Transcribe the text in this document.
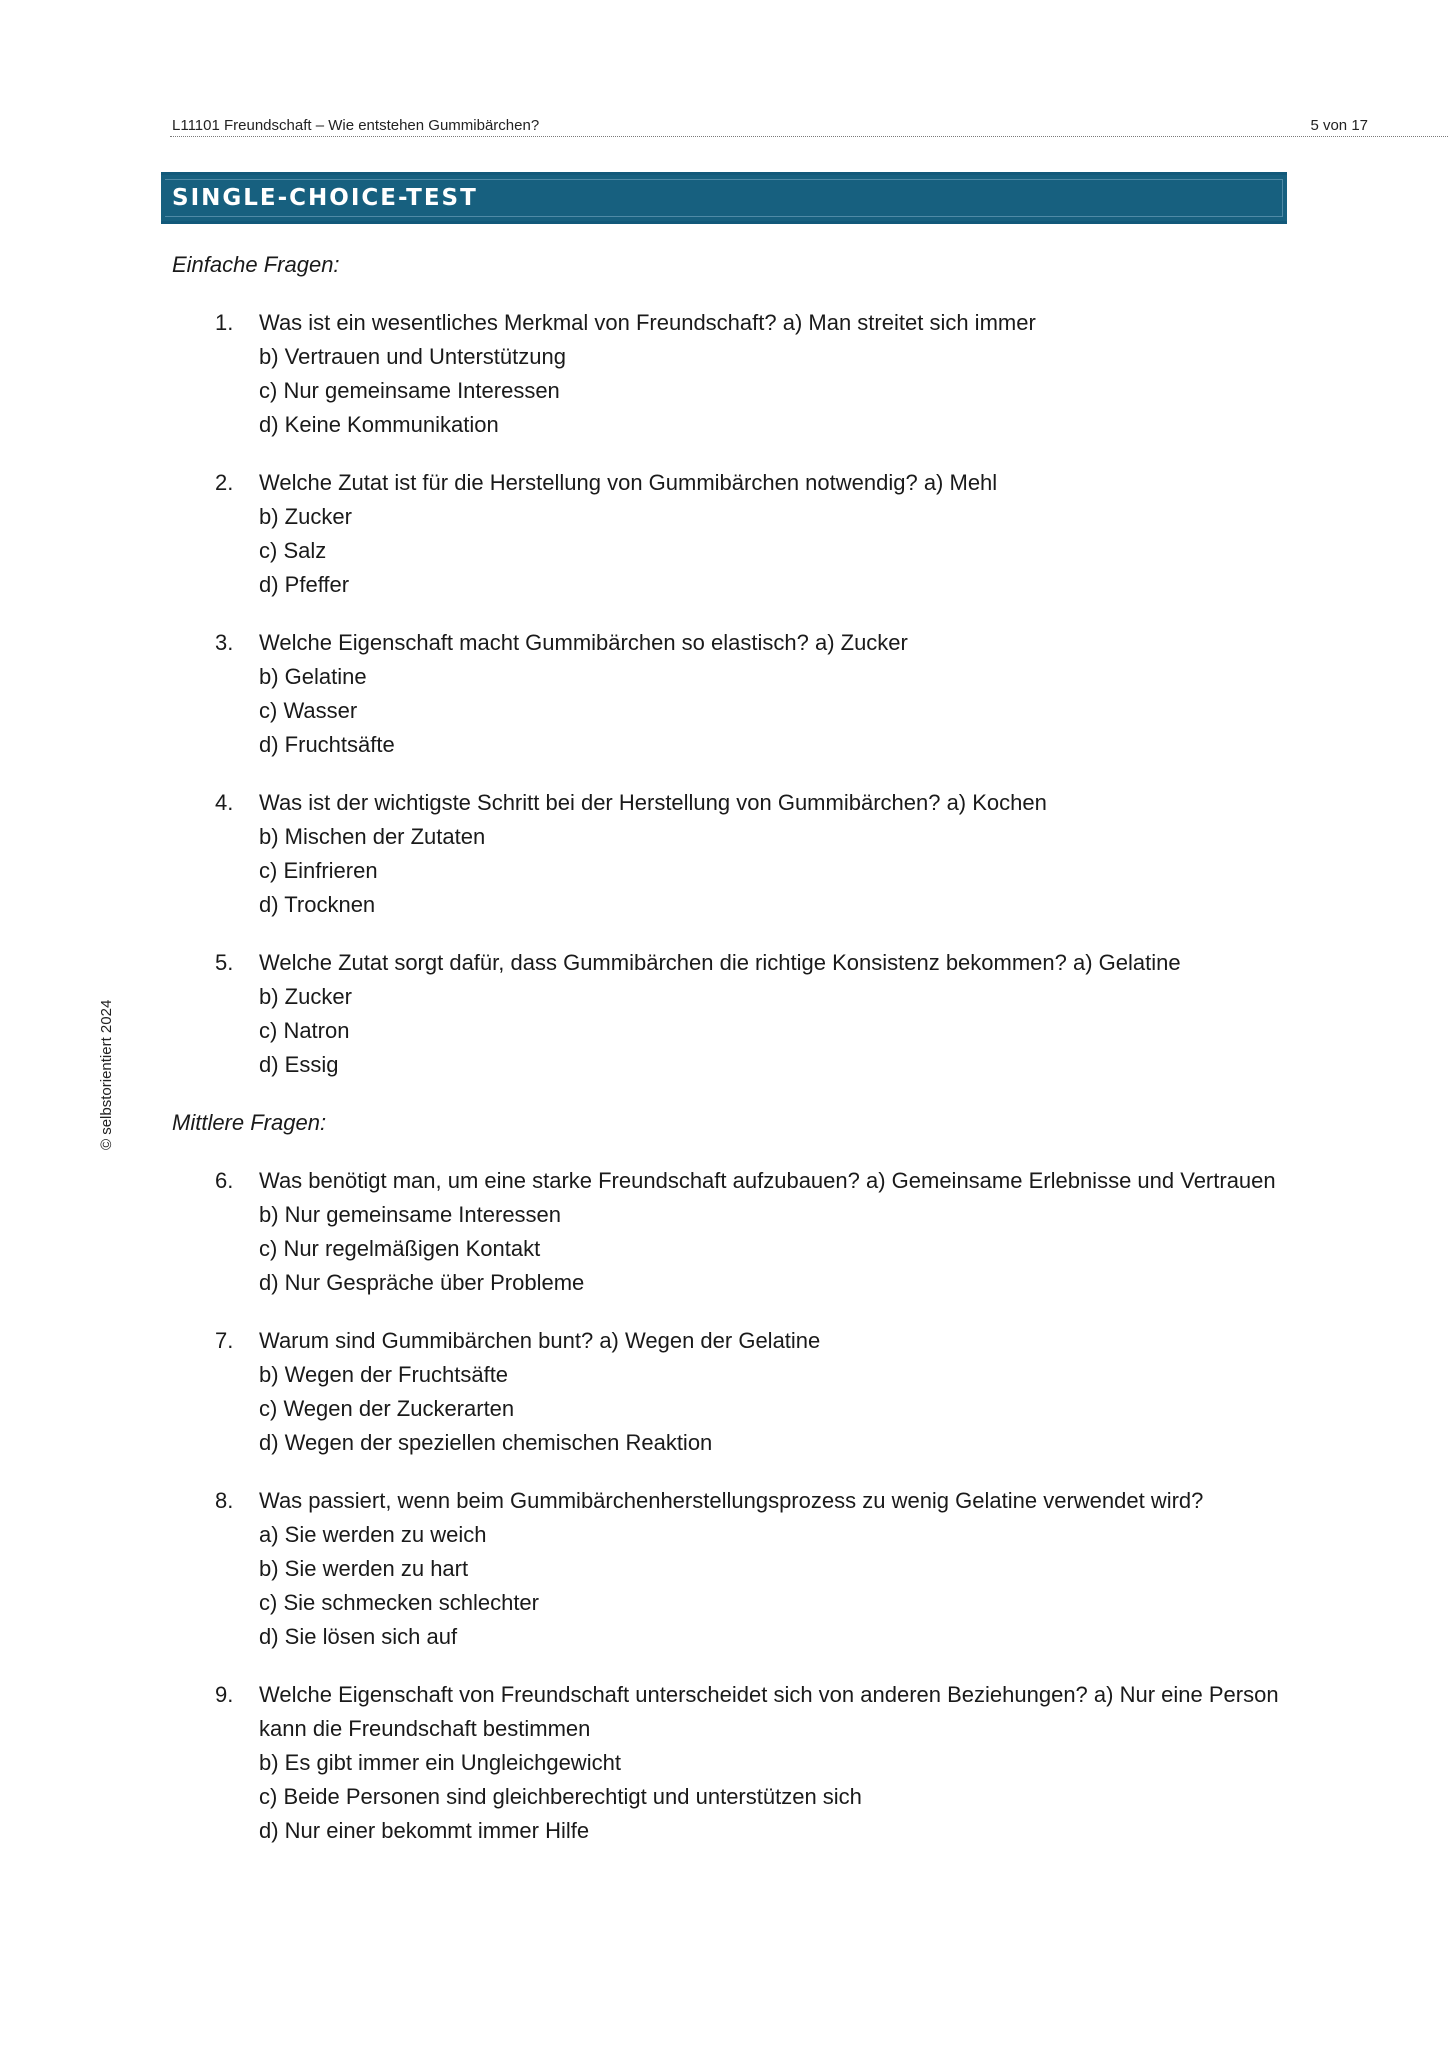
L11101 Freundschaft – Wie entstehen Gummibärchen?	5 von 17
© selbstorientiert 2024
SINGLE-CHOICE-TEST

Einfache Fragen:

1. Was ist ein wesentliches Merkmal von Freundschaft? a) Man streitet sich immer
b) Vertrauen und Unterstützung
c) Nur gemeinsame Interessen
d) Keine Kommunikation
2. Welche Zutat ist für die Herstellung von Gummibärchen notwendig? a) Mehl
b) Zucker
c) Salz
d) Pfeffer
3. Welche Eigenschaft macht Gummibärchen so elastisch? a) Zucker
b) Gelatine
c) Wasser
d) Fruchtsäfte
4. Was ist der wichtigste Schritt bei der Herstellung von Gummibärchen? a) Kochen
b) Mischen der Zutaten
c) Einfrieren
d) Trocknen
5. Welche Zutat sorgt dafür, dass Gummibärchen die richtige Konsistenz bekommen? a) Gelatine
b) Zucker
c) Natron
d) Essig

Mittlere Fragen:

6. Was benötigt man, um eine starke Freundschaft aufzubauen? a) Gemeinsame Erlebnisse und Vertrauen
b) Nur gemeinsame Interessen
c) Nur regelmäßigen Kontakt
d) Nur Gespräche über Probleme
7. Warum sind Gummibärchen bunt? a) Wegen der Gelatine
b) Wegen der Fruchtsäfte
c) Wegen der Zuckerarten
d) Wegen der speziellen chemischen Reaktion
8. Was passiert, wenn beim Gummibärchenherstellungsprozess zu wenig Gelatine verwendet wird?
a) Sie werden zu weich
b) Sie werden zu hart
c) Sie schmecken schlechter
d) Sie lösen sich auf
9. Welche Eigenschaft von Freundschaft unterscheidet sich von anderen Beziehungen? a) Nur eine Person kann die Freundschaft bestimmen
b) Es gibt immer ein Ungleichgewicht
c) Beide Personen sind gleichberechtigt und unterstützen sich
d) Nur einer bekommt immer Hilfe
